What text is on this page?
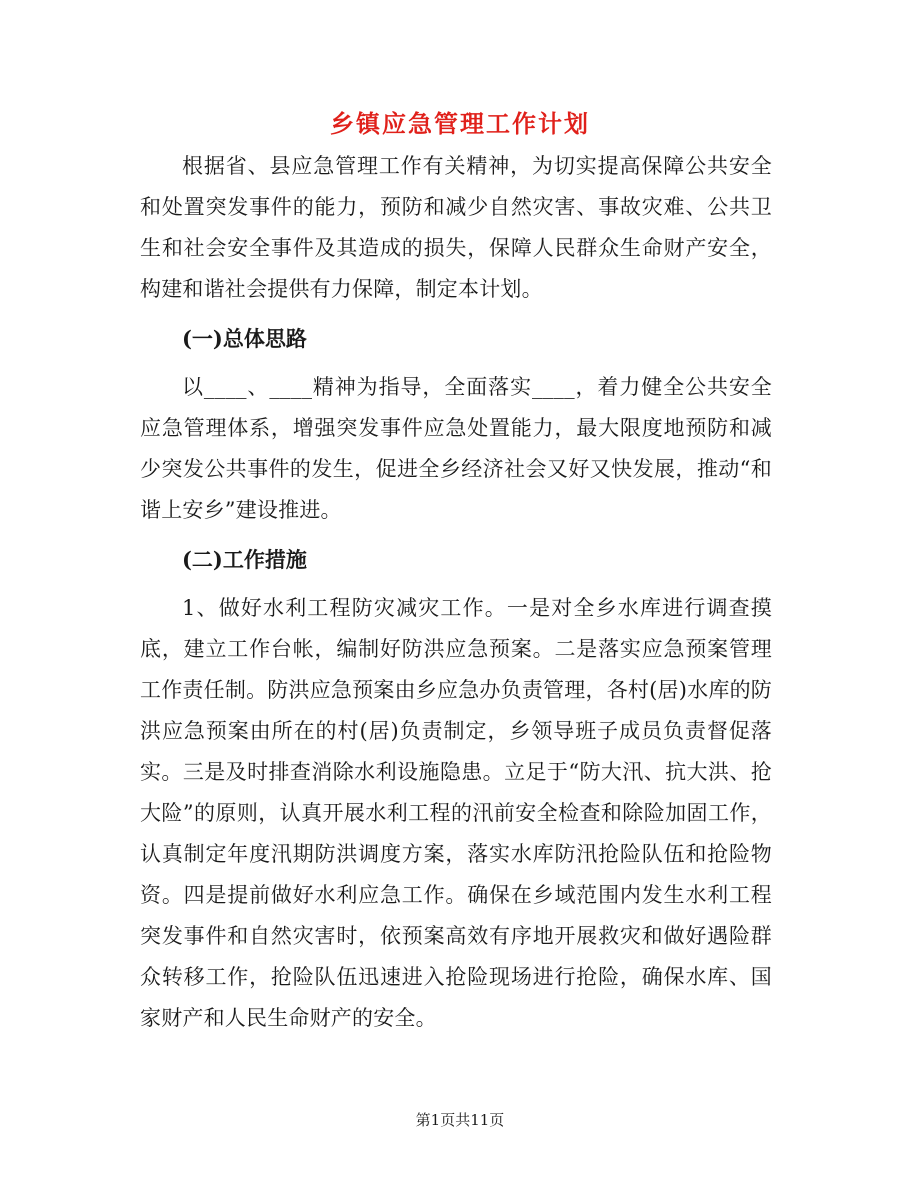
乡镇应急管理工作计划

根据省、县应急管理工作有关精神，为切实提高保障公共安全和处置突发事件的能力，预防和减少自然灾害、事故灾难、公共卫生和社会安全事件及其造成的损失，保障人民群众生命财产安全，构建和谐社会提供有力保障，制定本计划。

(一)总体思路

以____、____精神为指导，全面落实____，着力健全公共安全应急管理体系，增强突发事件应急处置能力，最大限度地预防和减少突发公共事件的发生，促进全乡经济社会又好又快发展，推动“和谐上安乡”建设推进。

(二)工作措施

1、做好水利工程防灾减灾工作。一是对全乡水库进行调查摸底，建立工作台帐，编制好防洪应急预案。二是落实应急预案管理工作责任制。防洪应急预案由乡应急办负责管理，各村(居)水库的防洪应急预案由所在的村(居)负责制定，乡领导班子成员负责督促落实。三是及时排查消除水利设施隐患。立足于“防大汛、抗大洪、抢大险”的原则，认真开展水利工程的汛前安全检查和除险加固工作，认真制定年度汛期防洪调度方案，落实水库防汛抢险队伍和抢险物资。四是提前做好水利应急工作。确保在乡域范围内发生水利工程突发事件和自然灾害时，依预案高效有序地开展救灾和做好遇险群众转移工作，抢险队伍迅速进入抢险现场进行抢险，确保水库、国家财产和人民生命财产的安全。

第1页共11页
